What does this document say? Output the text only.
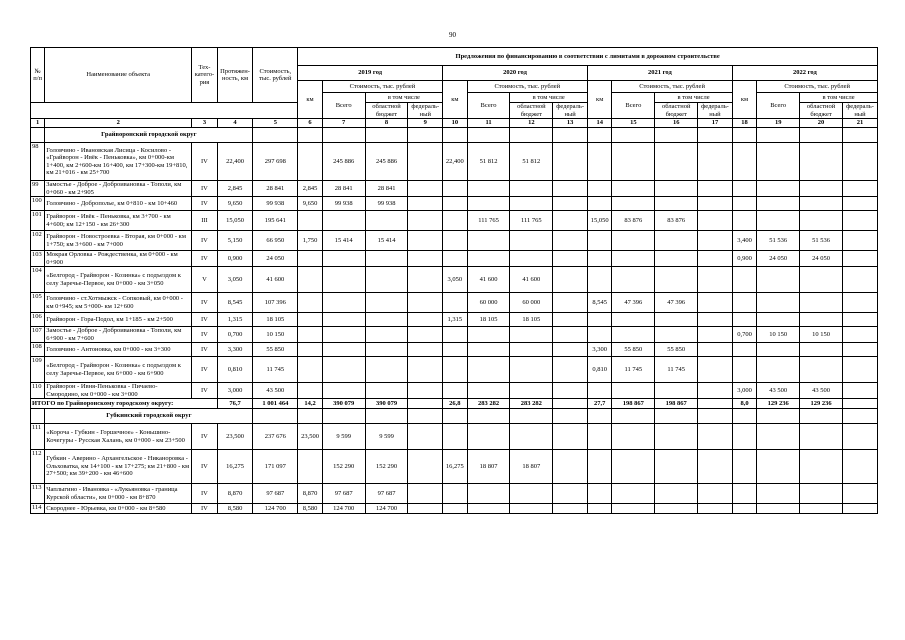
90
№ п/п	Наименование объекта	Тех-катего-рия	Протяжен-ность, км	Стоимость, тыс. рублей	Предложения по финансированию в соответствии с лимитами в дорожном строительстве															
					2019 год				2020 год				2021 год				2022 год			
					км	Стоимость, тыс. рублей			км	Стоимость, тыс. рублей			км	Стоимость, тыс. рублей			км	Стоимость, тыс. рублей		
						Всего	в том числе			Всего	в том числе			Всего	в том числе			Всего	в том числе	
							областной бюджет	федераль-ный			областной бюджет	федераль-ный			областной бюджет	федераль-ный			областной бюджет	федераль-ный
1	2	3	4	5	6	7	8	9	10	11	12	13	14	15	16	17	18	19	20	21
	Грайворонский городской округ																			
98	Головчино - Ивановская Лисица - Косилово - «Грайворон - Ивёк - Пеньковка», км 0+000-км 1+400, км 2+600-км 16+400, км 17+300-км 19+810, км 21+016 - км 25+700	IV	22,400	297 698		245 886	245 886		22,400	51 812	51 812									
99	Замостье - Доброе - Доброивановка - Тополи, км 0+060 - км 2+905	IV	2,845	28 841	2,845	28 841	28 841													
100	Головчино - Доброполье, км 0+810 - км 10+460	IV	9,650	99 938	9,650	99 938	99 938													
101	Грайворон - Ивёк - Пеньковка, км 3+700 - км 4+600; км 12+150 - км 26+300	III	15,050	195 641						111 765	111 765		15,050	83 876	83 876					
102	Грайворон - Новостроевка - Вторая, км 0+000 - км 1+750; км 3+600 - км 7+000	IV	5,150	66 950	1,750	15 414	15 414										3,400	51 536	51 536	
103	Мокрая Орловка - Рождественка, км 0+000 - км 0+900	IV	0,900	24 050													0,900	24 050	24 050	
104	«Белгород - Грайворон - Козинка» с подъездом к селу Заречье-Первое, км 0+000 - км 3+050	V	3,050	41 600					3,050	41 600	41 600									
105	Головчино - ст.Хотмыжск - Сопковый, км 0+000 - км 0+945; км 5+000- км 12+600	IV	8,545	107 396						60 000	60 000		8,545	47 396	47 396					
106	Грайворон - Гора-Подол, км 1+185 - км 2+500	IV	1,315	18 105					1,315	18 105	18 105									
107	Замостье - Доброе - Доброивановка - Тополи, км 6+900 - км 7+600	IV	0,700	10 150													0,700	10 150	10 150	
108	Головчино - Антоновка, км 0+000 - км 3+300	IV	3,300	55 850									3,300	55 850	55 850					
109	«Белгород - Грайворон - Козинка» с подъездом к селу Заречье-Первое, км 6+000 - км 6+900	IV	0,810	11 745									0,810	11 745	11 745					
110	Грайворон - Ивня-Пеньковка - Пичаево-Смородино, км 0+000 - км 3+000	IV	3,000	43 500													3,000	43 500	43 500	
ИТОГО по Грайворонскому городскому округу:			76,7	1 001 464	14,2	390 079	390 079		26,8	283 282	283 282		27,7	198 867	198 867		8,0	129 236	129 236	
	Губкинский городской округ																			
111	«Короча - Губкин - Горшечное» - Коньшино-Кочегуры - Русская Халань, км 0+000 - км 23+500	IV	23,500	237 676	23,500	9 599	9 599													
112	Губкин - Аверино - Архангельское - Никаноровка - Ольховатка, км 14+100 - км 17+275; км 21+800 - км 27+500; км 39+200 - км 46+600	IV	16,275	171 097		152 290	152 290		16,275	18 807	18 807									
113	Чаплыгино - Ивановка - «Лукьяновка - граница Курской области», км 0+000 - км 8+870	IV	8,870	97 687	8,870	97 687	97 687													
114	Скороднее - Юрьевка, км 0+000 - км 8+580	IV	8,580	124 700	8,580	124 700	124 700													
